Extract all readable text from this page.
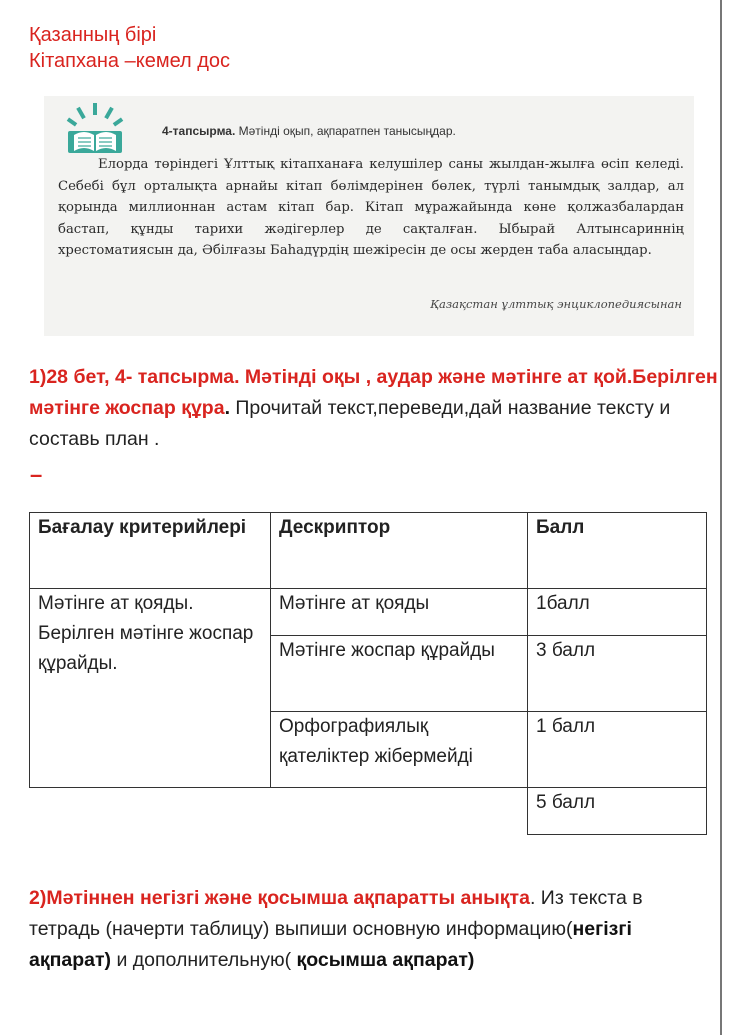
Қазанның бірі
Кітапхана –кемел дос
4-тапсырма. Мәтінді оқып, ақпаратпен танысыңдар.

Елорда төріндегі Ұлттық кітапханаға келушілер саны жылдан-жылға өсіп келеді. Себебі бұл орталықта арнайы кітап бөлімдерінен бөлек, түрлі танымдық залдар, ал қорында миллионнан астам кітап бар. Кітап мұражайында көне қолжазбалардан бастап, құнды тарихи жәдігерлер де сақталған. Ыбырай Алтынсариннің хрестоматиясын да, Әбілғазы Баһадүрдің шежіресін де осы жерден таба аласыңдар.

Қазақстан ұлттық энциклопедиясынан
1)28 бет, 4- тапсырма. Мәтінді оқы , аудар және мәтінге ат қой.Берілген мәтінге жоспар құра. Прочитай текст,переведи,дай название тексту и составь план .
–
Бағалау критерийлері	Дескриптор	Балл
Мәтінге ат қояды. Берілген мәтінге жоспар құрайды.	Мәтінге ат қояды	1балл
	Мәтінге жоспар құрайды	3 балл
	Орфографиялық қателіктер жібермейді	1 балл
		5 балл
2)Мәтіннен негізгі және қосымша ақпаратты анықта. Из текста в тетрадь (начерти таблицу) выпиши основную информацию(негізгі ақпарат) и дополнительную( қосымша ақпарат)
